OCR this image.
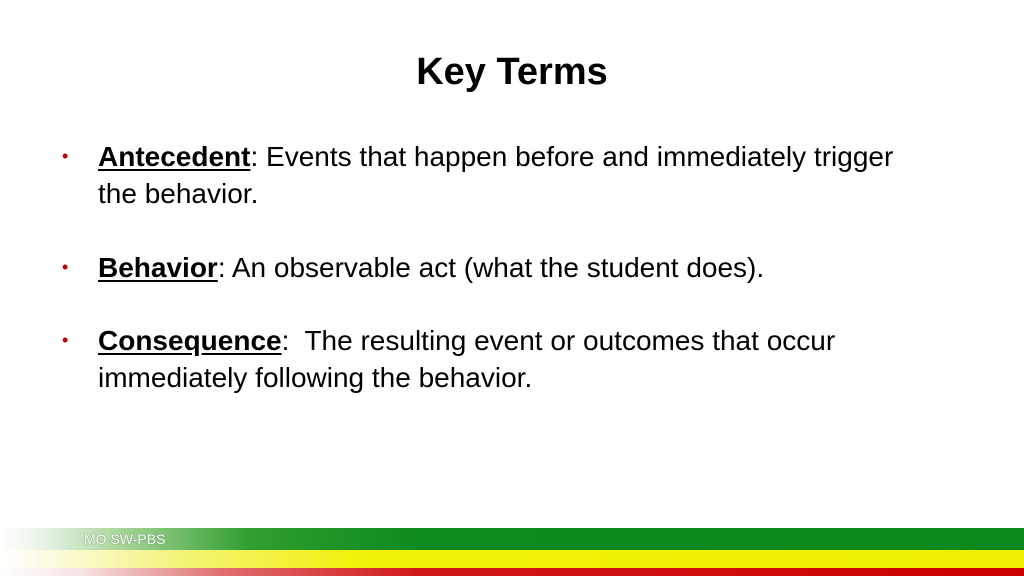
Key Terms
• Antecedent: Events that happen before and immediately trigger the behavior.
• Behavior: An observable act (what the student does).
• Consequence:  The resulting event or outcomes that occur immediately following the behavior.
MO SW-PBS
